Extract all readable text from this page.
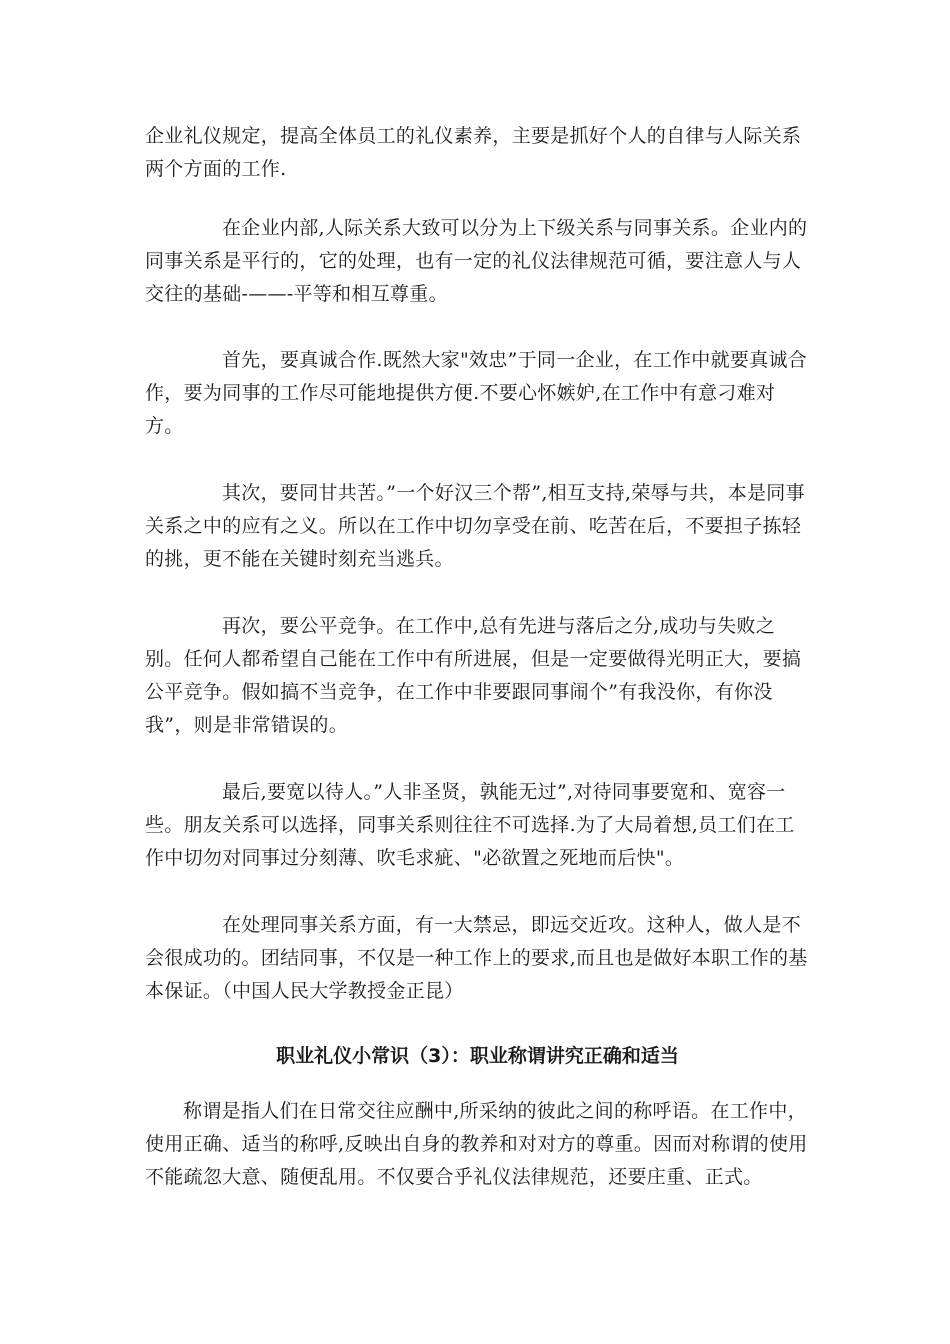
企业礼仪规定，提高全体员工的礼仪素养，主要是抓好个人的自律与人际关系两个方面的工作.

在企业内部,人际关系大致可以分为上下级关系与同事关系。企业内的同事关系是平行的，它的处理，也有一定的礼仪法律规范可循，要注意人与人交往的基础-——-平等和相互尊重。

首先，要真诚合作.既然大家"效忠”于同一企业，在工作中就要真诚合作，要为同事的工作尽可能地提供方便.不要心怀嫉妒,在工作中有意刁难对方。

其次，要同甘共苦。”一个好汉三个帮”,相互支持,荣辱与共，本是同事关系之中的应有之义。所以在工作中切勿享受在前、吃苦在后，不要担子拣轻的挑，更不能在关键时刻充当逃兵。

再次，要公平竞争。在工作中,总有先进与落后之分,成功与失败之别。任何人都希望自己能在工作中有所进展，但是一定要做得光明正大，要搞公平竞争。假如搞不当竞争，在工作中非要跟同事闹个”有我没你，有你没我”，则是非常错误的。

最后,要宽以待人。”人非圣贤，孰能无过”,对待同事要宽和、宽容一些。朋友关系可以选择，同事关系则往往不可选择.为了大局着想,员工们在工作中切勿对同事过分刻薄、吹毛求疵、"必欲置之死地而后快"。

在处理同事关系方面，有一大禁忌，即远交近攻。这种人，做人是不会很成功的。团结同事，不仅是一种工作上的要求,而且也是做好本职工作的基本保证。（中国人民大学教授金正昆）

职业礼仪小常识（3）：职业称谓讲究正确和适当

称谓是指人们在日常交往应酬中,所采纳的彼此之间的称呼语。在工作中，使用正确、适当的称呼,反映出自身的教养和对对方的尊重。因而对称谓的使用不能疏忽大意、随便乱用。不仅要合乎礼仪法律规范，还要庄重、正式。
